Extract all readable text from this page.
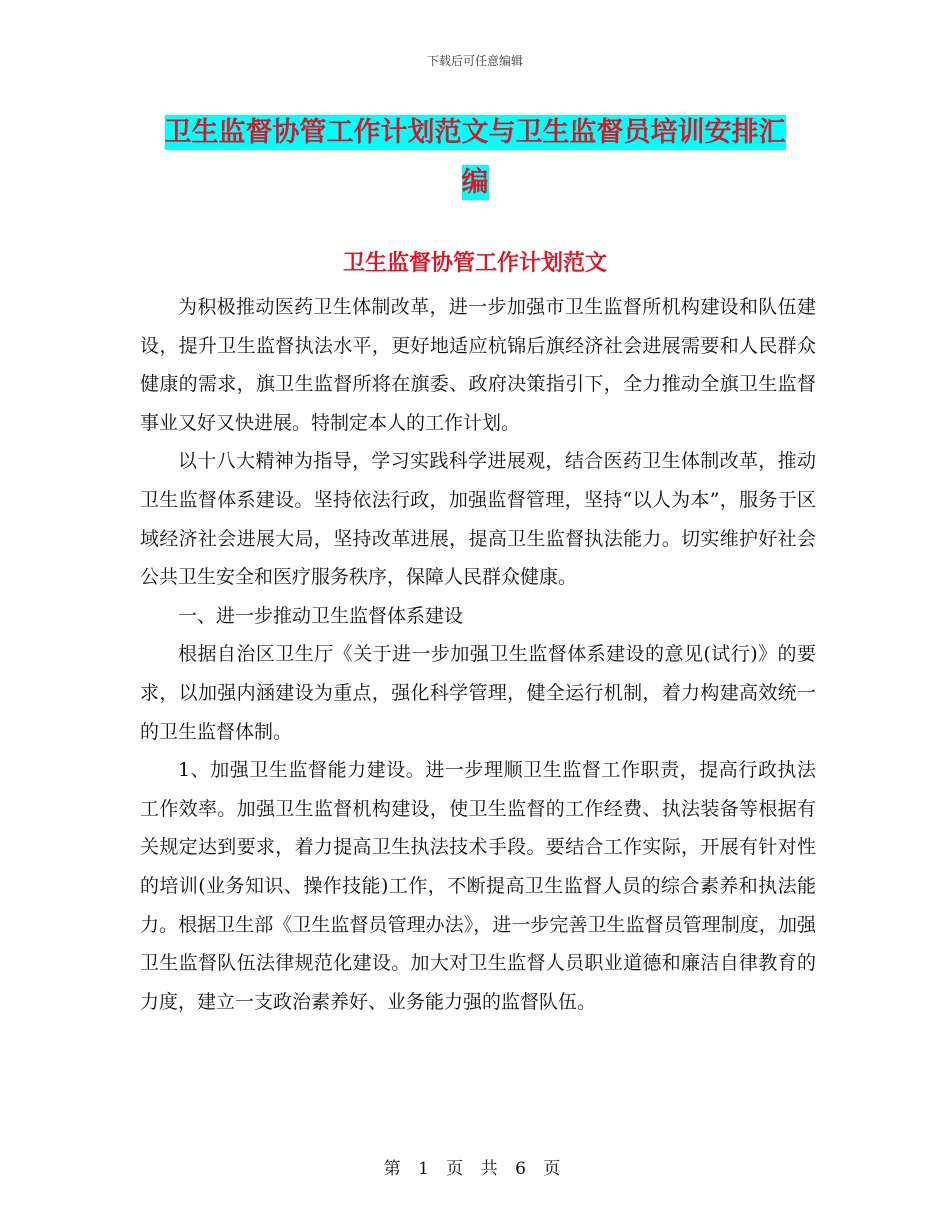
下载后可任意编辑
卫生监督协管工作计划范文与卫生监督员培训安排汇
编
卫生监督协管工作计划范文

为积极推动医药卫生体制改革，进一步加强市卫生监督所机构建设和队伍建设，提升卫生监督执法水平，更好地适应杭锦后旗经济社会进展需要和人民群众健康的需求，旗卫生监督所将在旗委、政府决策指引下，全力推动全旗卫生监督事业又好又快进展。特制定本人的工作计划。

以十八大精神为指导，学习实践科学进展观，结合医药卫生体制改革，推动卫生监督体系建设。坚持依法行政，加强监督管理，坚持“以人为本”，服务于区域经济社会进展大局，坚持改革进展，提高卫生监督执法能力。切实维护好社会公共卫生安全和医疗服务秩序，保障人民群众健康。

一、进一步推动卫生监督体系建设

根据自治区卫生厅《关于进一步加强卫生监督体系建设的意见(试行)》的要求，以加强内涵建设为重点，强化科学管理，健全运行机制，着力构建高效统一的卫生监督体制。

1、加强卫生监督能力建设。进一步理顺卫生监督工作职责，提高行政执法工作效率。加强卫生监督机构建设，使卫生监督的工作经费、执法装备等根据有关规定达到要求，着力提高卫生执法技术手段。要结合工作实际，开展有针对性的培训(业务知识、操作技能)工作，不断提高卫生监督人员的综合素养和执法能力。根据卫生部《卫生监督员管理办法》，进一步完善卫生监督员管理制度，加强卫生监督队伍法律规范化建设。加大对卫生监督人员职业道德和廉洁自律教育的力度，建立一支政治素养好、业务能力强的监督队伍。

第 1 页 共 6 页
